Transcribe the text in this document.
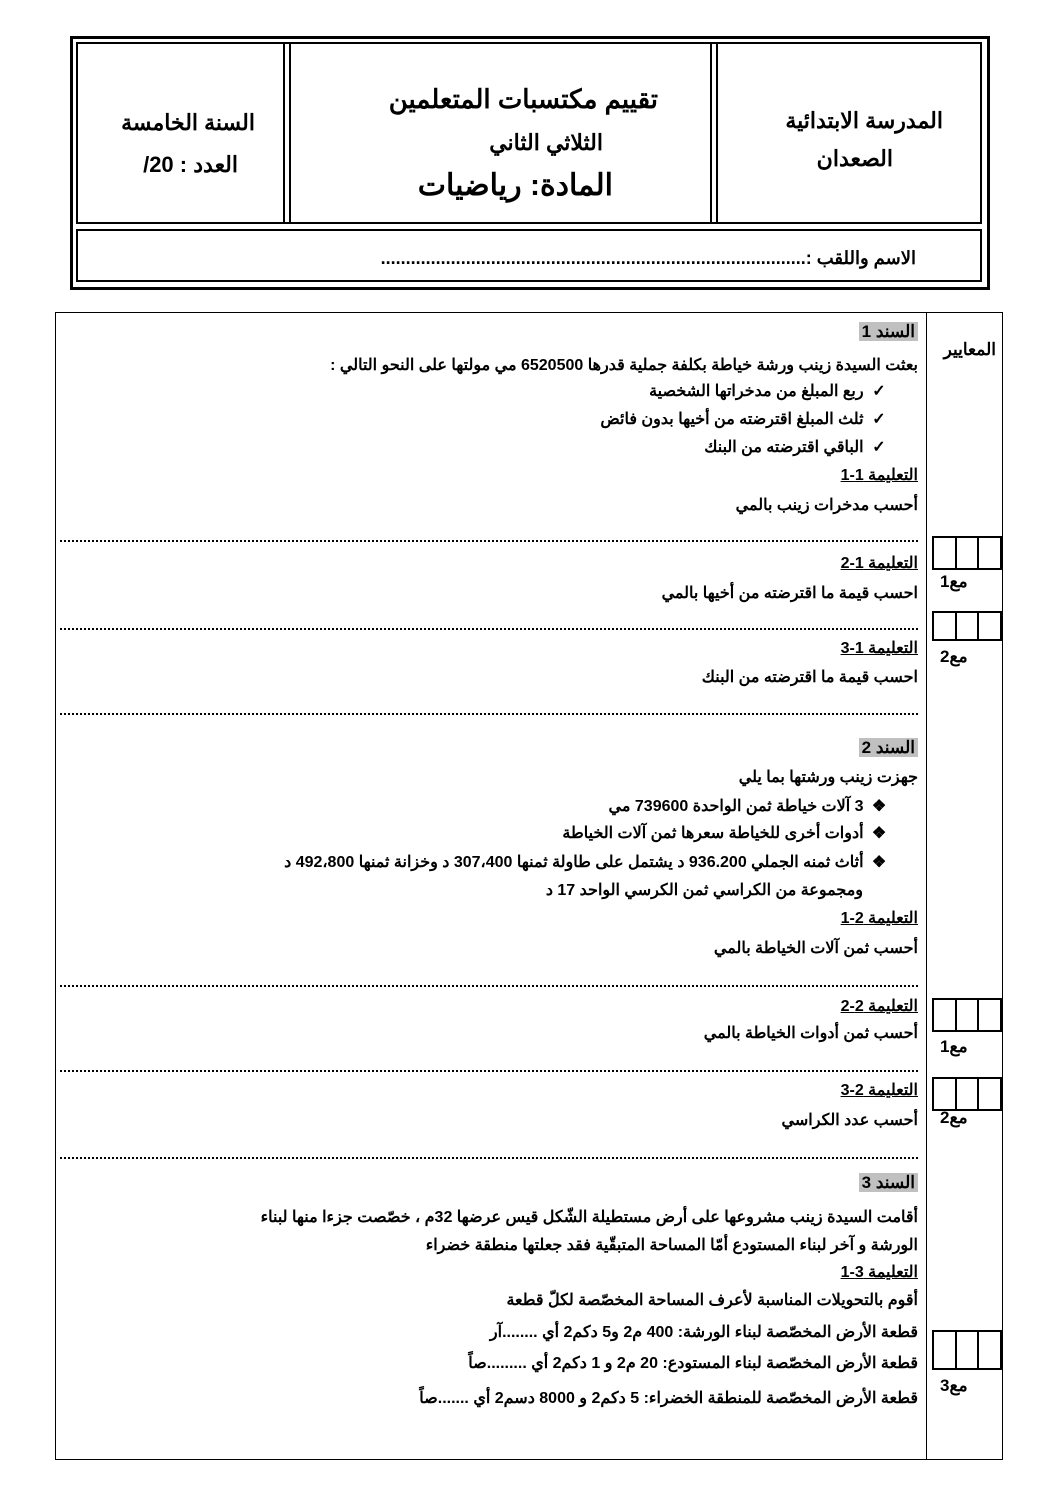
المدرسة الابتدائية
الصعدان
تقييم مكتسبات المتعلمين
الثلاثي الثاني
المادة: رياضيات
السنة الخامسة
العدد : 20/
الاسم واللقب :.....................................................................................
المعايير
السند 1
بعثت السيدة زينب ورشة خياطة بكلفة جملية قدرها 6520500 مي مولتها على النحو التالي :
✓ ربع المبلغ من مدخراتها الشخصية
✓ ثلث المبلغ اقترضته من أخيها بدون فائض
✓ الباقي اقترضته من البنك
التعليمة 1-1
أحسب مدخرات زينب بالمي
التعليمة 1-2
احسب قيمة ما اقترضته من أخيها بالمي
التعليمة 1-3
احسب قيمة ما اقترضته من البنك
السند 2
جهزت زينب ورشتها بما يلي
❖ 3 آلات خياطة ثمن الواحدة 739600 مي
❖ أدوات أخرى للخياطة سعرها ثمن آلات الخياطة
❖ أثاث ثمنه الجملي 936.200 د يشتمل على طاولة ثمنها 307،400 د وخزانة ثمنها 492،800 د
ومجموعة من الكراسي ثمن الكرسي الواحد 17 د
التعليمة 2-1
أحسب ثمن آلات الخياطة بالمي
التعليمة 2-2
أحسب ثمن أدوات الخياطة بالمي
التعليمة 2-3
أحسب عدد الكراسي
السند 3
أقامت السيدة زينب مشروعها على أرض مستطيلة الشّكل قيس عرضها 32م ، خصّصت جزءا منها لبناء
الورشة و آخر لبناء المستودع أمّا المساحة المتبقّية فقد جعلتها منطقة خضراء
التعليمة 3-1
أقوم بالتحويلات المناسبة لأعرف المساحة المخصّصة لكلّ قطعة
قطعة الأرض المخصّصة لبناء الورشة: 400 م2 و5 دكم2 أي ........آر
قطعة الأرض المخصّصة لبناء المستودع: 20 م2 و 1 دكم2 أي .........صاً
قطعة الأرض المخصّصة للمنطقة الخضراء: 5 دكم2 و 8000 دسم2 أي .......صاً
مع1
مع2
مع1
مع2
مع3
